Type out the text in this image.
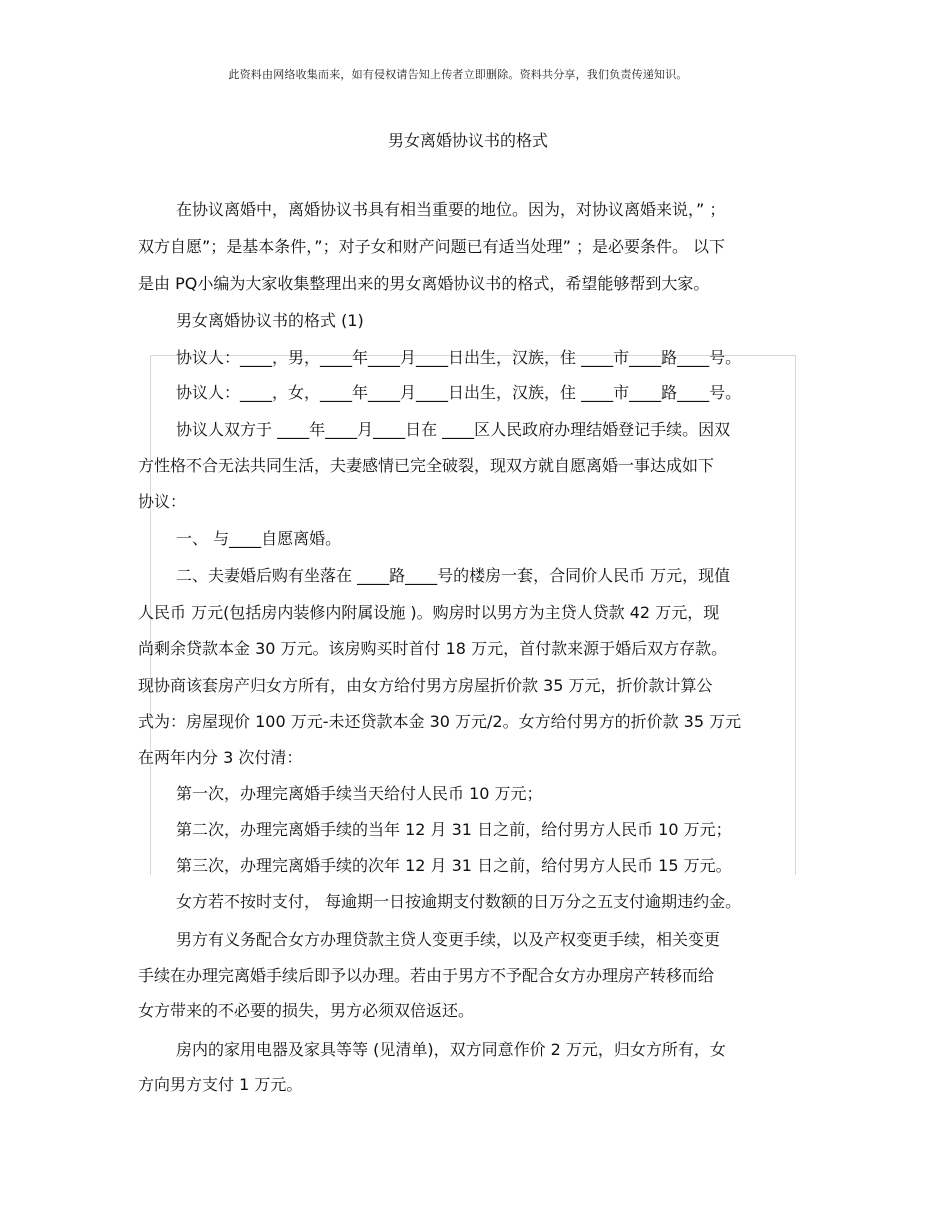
此资料由网络收集而来，如有侵权请告知上传者立即删除。资料共分享，我们负责传递知识。
男女离婚协议书的格式
在协议离婚中，离婚协议书具有相当重要的地位。因为，对协议离婚来说，” ；
双方自愿”；是基本条件，”；对子女和财产问题已有适当处理” ；是必要条件。 以下
是由 PQ小编为大家收集整理出来的男女离婚协议书的格式，希望能够帮到大家。
男女离婚协议书的格式 (1)
协议人：____，男，____年____月____日出生，汉族，住 ____市____路____号。
协议人：____，女，____年____月____日出生，汉族，住 ____市____路____号。
协议人双方于 ____年____月____日在 ____区人民政府办理结婚登记手续。因双
方性格不合无法共同生活，夫妻感情已完全破裂，现双方就自愿离婚一事达成如下
协议：
一、 与____自愿离婚。
二、夫妻婚后购有坐落在 ____路____号的楼房一套，合同价人民币 万元，现值
人民币 万元(包括房内装修内附属设施 )。购房时以男方为主贷人贷款 42 万元，现
尚剩余贷款本金 30 万元。该房购买时首付 18 万元，首付款来源于婚后双方存款。
现协商该套房产归女方所有，由女方给付男方房屋折价款 35 万元，折价款计算公
式为：房屋现价 100 万元-未还贷款本金 30 万元/2。女方给付男方的折价款 35 万元
在两年内分 3 次付清：
第一次，办理完离婚手续当天给付人民币 10 万元；
第二次，办理完离婚手续的当年 12 月 31 日之前，给付男方人民币 10 万元；
第三次，办理完离婚手续的次年 12 月 31 日之前，给付男方人民币 15 万元。
女方若不按时支付， 每逾期一日按逾期支付数额的日万分之五支付逾期违约金。
男方有义务配合女方办理贷款主贷人变更手续，以及产权变更手续，相关变更
手续在办理完离婚手续后即予以办理。若由于男方不予配合女方办理房产转移而给
女方带来的不必要的损失，男方必须双倍返还。
房内的家用电器及家具等等 (见清单)，双方同意作价 2 万元，归女方所有，女
方向男方支付 1 万元。
